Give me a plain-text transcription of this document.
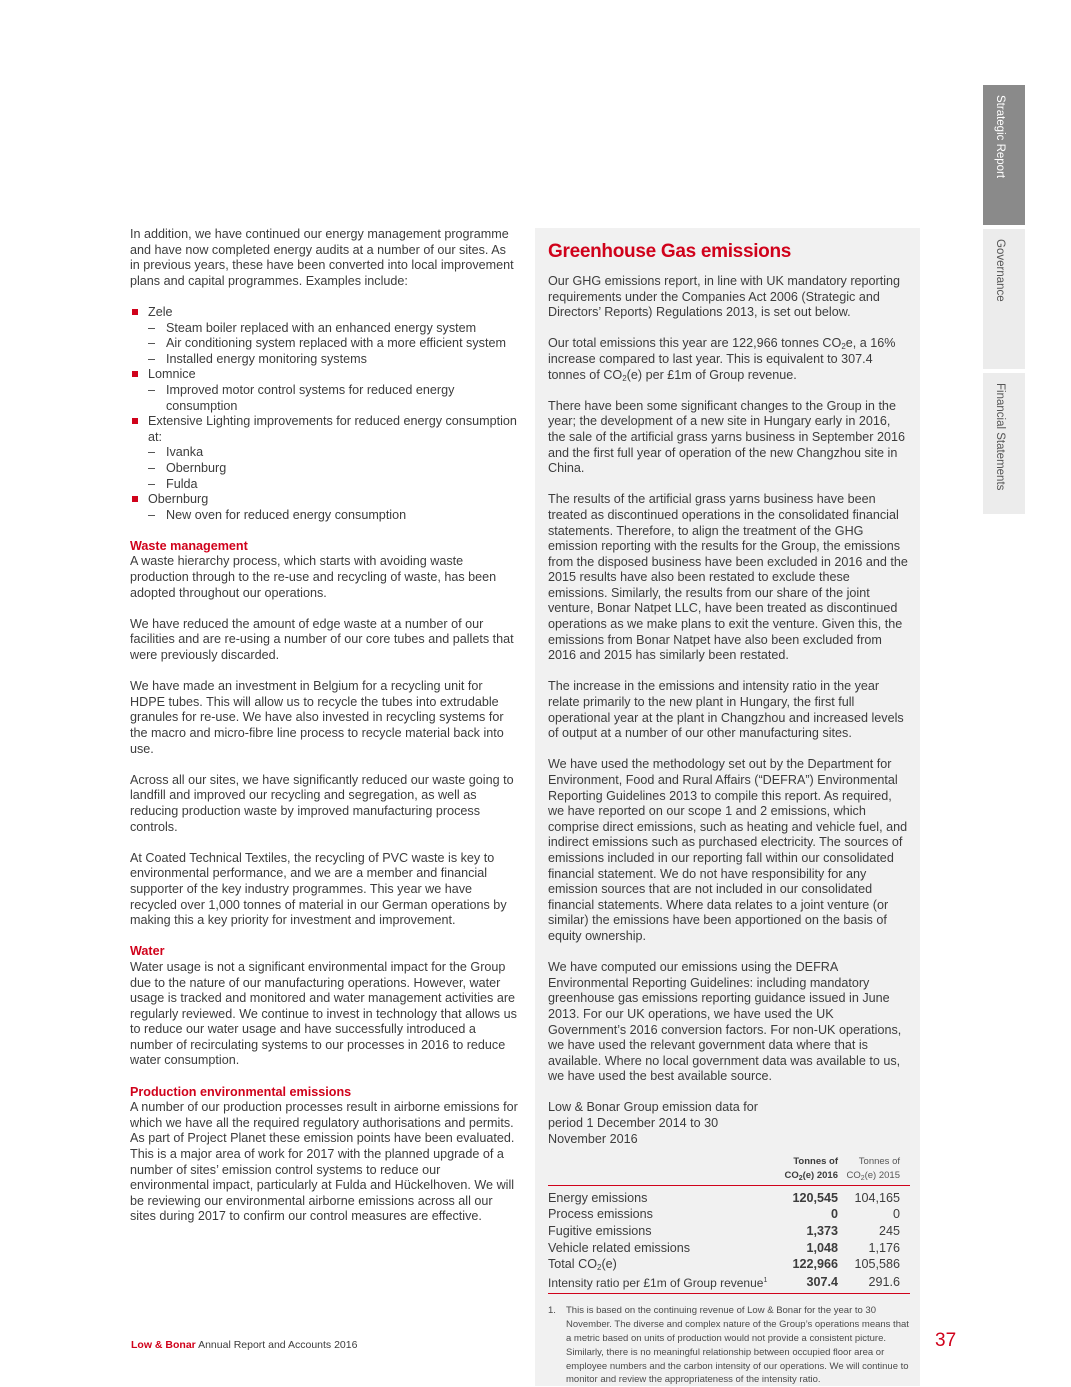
In addition, we have continued our energy management programme and have now completed energy audits at a number of our sites. As in previous years, these have been converted into local improvement plans and capital programmes. Examples include:

Zele
– Steam boiler replaced with an enhanced energy system
– Air conditioning system replaced with a more efficient system
– Installed energy monitoring systems
Lomnice
– Improved motor control systems for reduced energy consumption
Extensive Lighting improvements for reduced energy consumption at:
– Ivanka
– Obernburg
– Fulda
Obernburg
– New oven for reduced energy consumption
Waste management

A waste hierarchy process, which starts with avoiding waste production through to the re-use and recycling of waste, has been adopted throughout our operations.

We have reduced the amount of edge waste at a number of our facilities and are re-using a number of our core tubes and pallets that were previously discarded.

We have made an investment in Belgium for a recycling unit for HDPE tubes. This will allow us to recycle the tubes into extrudable granules for re-use. We have also invested in recycling systems for the macro and micro-fibre line process to recycle material back into use.

Across all our sites, we have significantly reduced our waste going to landfill and improved our recycling and segregation, as well as reducing production waste by improved manufacturing process controls.

At Coated Technical Textiles, the recycling of PVC waste is key to environmental performance, and we are a member and financial supporter of the key industry programmes. This year we have recycled over 1,000 tonnes of material in our German operations by making this a key priority for investment and improvement.

Water

Water usage is not a significant environmental impact for the Group due to the nature of our manufacturing operations. However, water usage is tracked and monitored and water management activities are regularly reviewed. We continue to invest in technology that allows us to reduce our water usage and have successfully introduced a number of recirculating systems to our processes in 2016 to reduce water consumption.

Production environmental emissions

A number of our production processes result in airborne emissions for which we have all the required regulatory authorisations and permits. As part of Project Planet these emission points have been evaluated. This is a major area of work for 2017 with the planned upgrade of a number of sites’ emission control systems to reduce our environmental impact, particularly at Fulda and Hückelhoven. We will be reviewing our environmental airborne emissions across all our sites during 2017 to confirm our control measures are effective.

Greenhouse Gas emissions

Our GHG emissions report, in line with UK mandatory reporting requirements under the Companies Act 2006 (Strategic and Directors’ Reports) Regulations 2013, is set out below.

Our total emissions this year are 122,966 tonnes $CO_2e$, a 16% increase compared to last year. This is equivalent to 307.4 tonnes of $CO_2(e)$ per £1m of Group revenue.

There have been some significant changes to the Group in the year; the development of a new site in Hungary early in 2016, the sale of the artificial grass yarns business in September 2016 and the first full year of operation of the new Changzhou site in China.

The results of the artificial grass yarns business have been treated as discontinued operations in the consolidated financial statements. Therefore, to align the treatment of the GHG emission reporting with the results for the Group, the emissions from the disposed business have been excluded in 2016 and the 2015 results have also been restated to exclude these emissions. Similarly, the results from our share of the joint venture, Bonar Natpet LLC, have been treated as discontinued operations as we make plans to exit the venture. Given this, the emissions from Bonar Natpet have also been excluded from 2016 and 2015 has similarly been restated.

The increase in the emissions and intensity ratio in the year relate primarily to the new plant in Hungary, the first full operational year at the plant in Changzhou and increased levels of output at a number of our other manufacturing sites.

We have used the methodology set out by the Department for Environment, Food and Rural Affairs (“DEFRA”) Environmental Reporting Guidelines 2013 to compile this report. As required, we have reported on our scope 1 and 2 emissions, which comprise direct emissions, such as heating and vehicle fuel, and indirect emissions such as purchased electricity. The sources of emissions included in our reporting fall within our consolidated financial statement. We do not have responsibility for any emission sources that are not included in our consolidated financial statements. Where data relates to a joint venture (or similar) the emissions have been apportioned on the basis of equity ownership.

We have computed our emissions using the DEFRA Environmental Reporting Guidelines: including mandatory greenhouse gas emissions reporting guidance issued in June 2013. For our UK operations, we have used the UK Government’s 2016 conversion factors. For non-UK operations, we have used the relevant government data where that is available. Where no local government data was available to us, we have used the best available source.

Low & Bonar Group emission data for period 1 December 2014 to 30 November 2016

Tonnes of
$CO_2(e)$ 2016
Tonnes of
$CO_2(e)$ 2015
Energy emissions	120,545	104,165
Process emissions	0	0
Fugitive emissions	1,373	245
Vehicle related emissions	1,048	1,176
Total $CO_2(e)$	122,966	105,586
Intensity ratio per £1m of Group revenue$^1$	307.4	291.6
1. This is based on the continuing revenue of Low & Bonar for the year to 30 November. The diverse and complex nature of the Group’s operations means that a metric based on units of production would not provide a consistent picture. Similarly, there is no meaningful relationship between occupied floor area or employee numbers and the carbon intensity of our operations. We will continue to monitor and review the appropriateness of the intensity ratio.
Strategic Report
Governance
Financial Statements
Low & Bonar Annual Report and Accounts 2016	37
